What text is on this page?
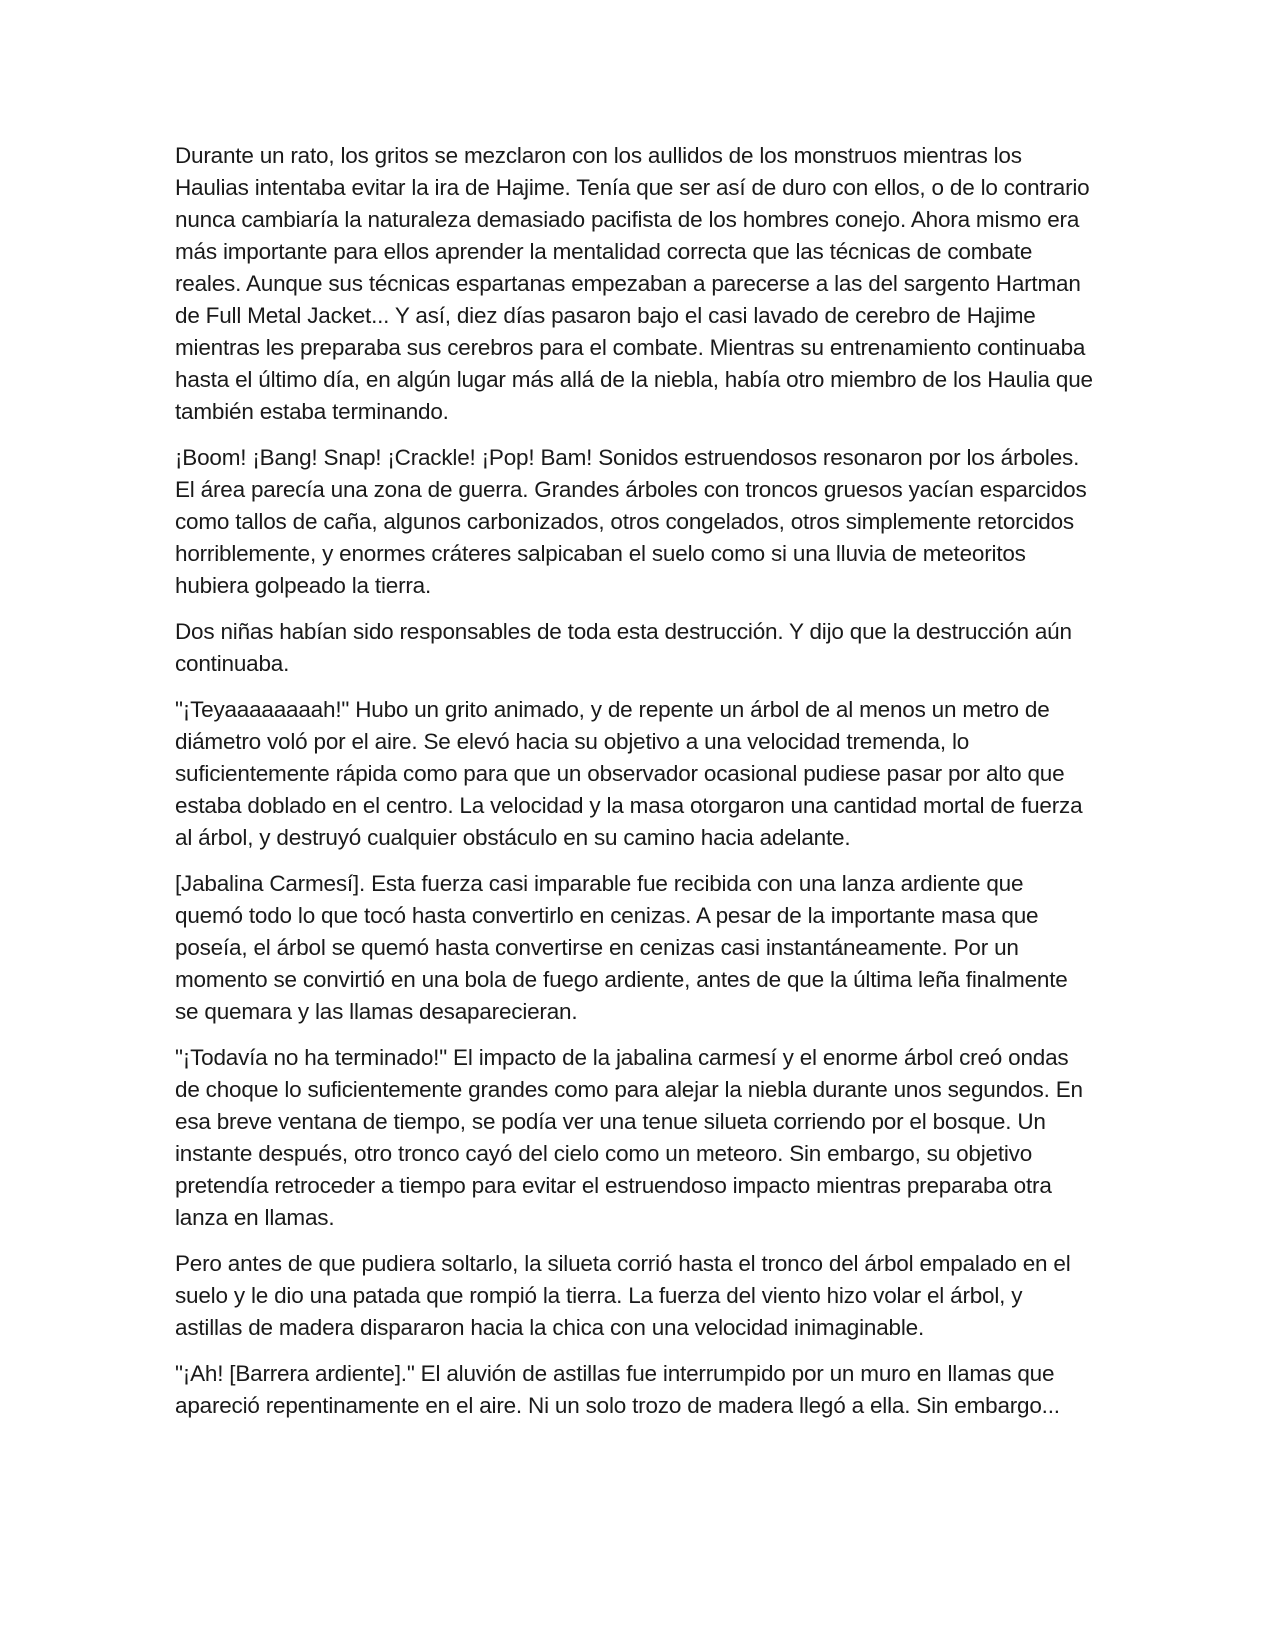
Durante un rato, los gritos se mezclaron con los aullidos de los monstruos mientras los Haulias intentaba evitar la ira de Hajime. Tenía que ser así de duro con ellos, o de lo contrario nunca cambiaría la naturaleza demasiado pacifista de los hombres conejo. Ahora mismo era más importante para ellos aprender la mentalidad correcta que las técnicas de combate reales. Aunque sus técnicas espartanas empezaban a parecerse a las del sargento Hartman de Full Metal Jacket... Y así, diez días pasaron bajo el casi lavado de cerebro de Hajime mientras les preparaba sus cerebros para el combate. Mientras su entrenamiento continuaba hasta el último día, en algún lugar más allá de la niebla, había otro miembro de los Haulia que también estaba terminando.

¡Boom! ¡Bang! Snap! ¡Crackle! ¡Pop! Bam! Sonidos estruendosos resonaron por los árboles. El área parecía una zona de guerra. Grandes árboles con troncos gruesos yacían esparcidos como tallos de caña, algunos carbonizados, otros congelados, otros simplemente retorcidos horriblemente, y enormes cráteres salpicaban el suelo como si una lluvia de meteoritos hubiera golpeado la tierra.

Dos niñas habían sido responsables de toda esta destrucción. Y dijo que la destrucción aún continuaba.

"¡Teyaaaaaaaah!" Hubo un grito animado, y de repente un árbol de al menos un metro de diámetro voló por el aire. Se elevó hacia su objetivo a una velocidad tremenda, lo suficientemente rápida como para que un observador ocasional pudiese pasar por alto que estaba doblado en el centro. La velocidad y la masa otorgaron una cantidad mortal de fuerza al árbol, y destruyó cualquier obstáculo en su camino hacia adelante.

[Jabalina Carmesí]. Esta fuerza casi imparable fue recibida con una lanza ardiente que quemó todo lo que tocó hasta convertirlo en cenizas. A pesar de la importante masa que poseía, el árbol se quemó hasta convertirse en cenizas casi instantáneamente. Por un momento se convirtió en una bola de fuego ardiente, antes de que la última leña finalmente se quemara y las llamas desaparecieran.

"¡Todavía no ha terminado!" El impacto de la jabalina carmesí y el enorme árbol creó ondas de choque lo suficientemente grandes como para alejar la niebla durante unos segundos. En esa breve ventana de tiempo, se podía ver una tenue silueta corriendo por el bosque. Un instante después, otro tronco cayó del cielo como un meteoro. Sin embargo, su objetivo pretendía retroceder a tiempo para evitar el estruendoso impacto mientras preparaba otra lanza en llamas.

Pero antes de que pudiera soltarlo, la silueta corrió hasta el tronco del árbol empalado en el suelo y le dio una patada que rompió la tierra. La fuerza del viento hizo volar el árbol, y astillas de madera dispararon hacia la chica con una velocidad inimaginable.

"¡Ah! [Barrera ardiente]." El aluvión de astillas fue interrumpido por un muro en llamas que apareció repentinamente en el aire. Ni un solo trozo de madera llegó a ella. Sin embargo...
